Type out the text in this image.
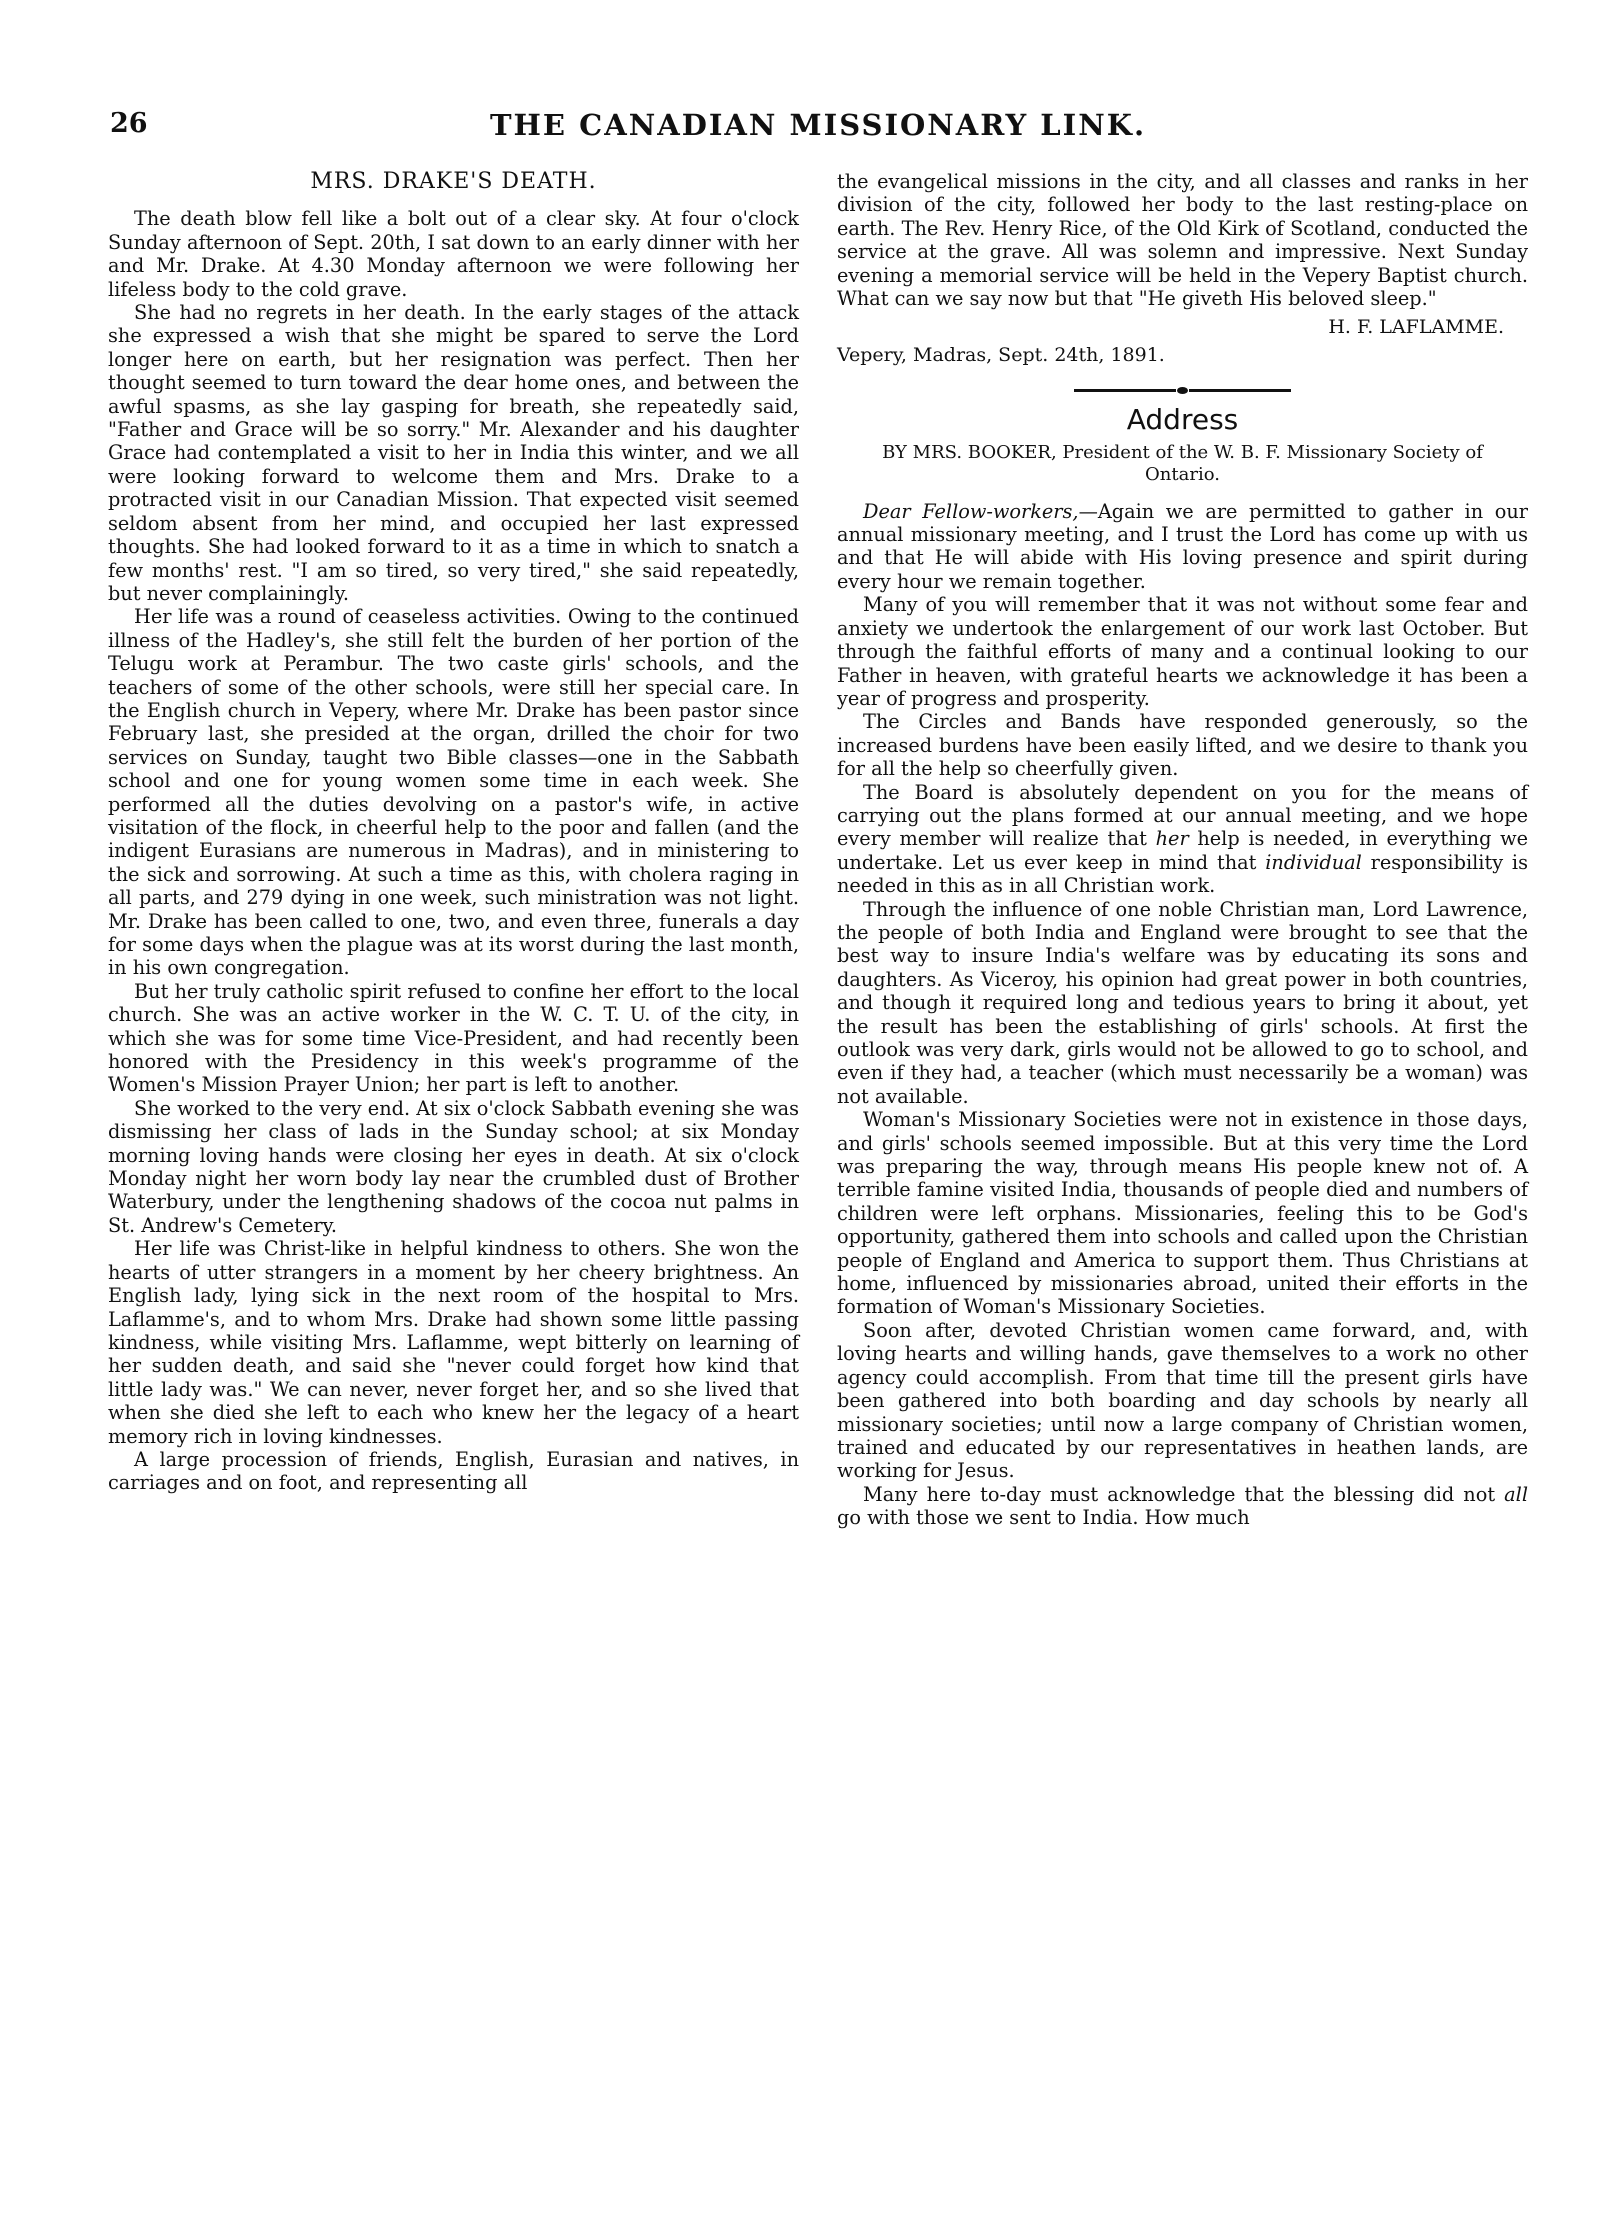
26	THE CANADIAN MISSIONARY LINK.
MRS. DRAKE'S DEATH.

The death blow fell like a bolt out of a clear sky. At four o'clock Sunday afternoon of Sept. 20th, I sat down to an early dinner with her and Mr. Drake. At 4.30 Monday afternoon we were following her lifeless body to the cold grave.

She had no regrets in her death. In the early stages of the attack she expressed a wish that she might be spared to serve the Lord longer here on earth, but her resignation was perfect. Then her thought seemed to turn toward the dear home ones, and between the awful spasms, as she lay gasping for breath, she repeatedly said, "Father and Grace will be so sorry." Mr. Alexander and his daughter Grace had contemplated a visit to her in India this winter, and we all were looking forward to welcome them and Mrs. Drake to a protracted visit in our Canadian Mission. That expected visit seemed seldom absent from her mind, and occupied her last expressed thoughts. She had looked forward to it as a time in which to snatch a few months' rest. "I am so tired, so very tired," she said repeatedly, but never complainingly.

Her life was a round of ceaseless activities. Owing to the continued illness of the Hadley's, she still felt the burden of her portion of the Telugu work at Perambur. The two caste girls' schools, and the teachers of some of the other schools, were still her special care. In the English church in Vepery, where Mr. Drake has been pastor since February last, she presided at the organ, drilled the choir for two services on Sunday, taught two Bible classes—one in the Sabbath school and one for young women some time in each week. She performed all the duties devolving on a pastor's wife, in active visitation of the flock, in cheerful help to the poor and fallen (and the indigent Eurasians are numerous in Madras), and in ministering to the sick and sorrowing. At such a time as this, with cholera raging in all parts, and 279 dying in one week, such ministration was not light. Mr. Drake has been called to one, two, and even three, funerals a day for some days when the plague was at its worst during the last month, in his own congregation.

But her truly catholic spirit refused to confine her effort to the local church. She was an active worker in the W. C. T. U. of the city, in which she was for some time Vice-President, and had recently been honored with the Presidency in this week's programme of the Women's Mission Prayer Union; her part is left to another.

She worked to the very end. At six o'clock Sabbath evening she was dismissing her class of lads in the Sunday school; at six Monday morning loving hands were closing her eyes in death. At six o'clock Monday night her worn body lay near the crumbled dust of Brother Waterbury, under the lengthening shadows of the cocoa nut palms in St. Andrew's Cemetery.

Her life was Christ-like in helpful kindness to others. She won the hearts of utter strangers in a moment by her cheery brightness. An English lady, lying sick in the next room of the hospital to Mrs. Laflamme's, and to whom Mrs. Drake had shown some little passing kindness, while visiting Mrs. Laflamme, wept bitterly on learning of her sudden death, and said she "never could forget how kind that little lady was." We can never, never forget her, and so she lived that when she died she left to each who knew her the legacy of a heart memory rich in loving kindnesses.

A large procession of friends, English, Eurasian and natives, in carriages and on foot, and representing all

the evangelical missions in the city, and all classes and ranks in her division of the city, followed her body to the last resting-place on earth. The Rev. Henry Rice, of the Old Kirk of Scotland, conducted the service at the grave. All was solemn and impressive. Next Sunday evening a memorial service will be held in the Vepery Baptist church. What can we say now but that "He giveth His beloved sleep."

H. F. LAFLAMME.
Vepery, Madras, Sept. 24th, 1891.
Address
BY MRS. BOOKER, President of the W. B. F. Missionary Society of Ontario.

Dear Fellow-workers,—Again we are permitted to gather in our annual missionary meeting, and I trust the Lord has come up with us and that He will abide with His loving presence and spirit during every hour we remain together.

Many of you will remember that it was not without some fear and anxiety we undertook the enlargement of our work last October. But through the faithful efforts of many and a continual looking to our Father in heaven, with grateful hearts we acknowledge it has been a year of progress and prosperity.

The Circles and Bands have responded generously, so the increased burdens have been easily lifted, and we desire to thank you for all the help so cheerfully given.

The Board is absolutely dependent on you for the means of carrying out the plans formed at our annual meeting, and we hope every member will realize that her help is needed, in everything we undertake. Let us ever keep in mind that individual responsibility is needed in this as in all Christian work.

Through the influence of one noble Christian man, Lord Lawrence, the people of both India and England were brought to see that the best way to insure India's welfare was by educating its sons and daughters. As Viceroy, his opinion had great power in both countries, and though it required long and tedious years to bring it about, yet the result has been the establishing of girls' schools. At first the outlook was very dark, girls would not be allowed to go to school, and even if they had, a teacher (which must necessarily be a woman) was not available.

Woman's Missionary Societies were not in existence in those days, and girls' schools seemed impossible. But at this very time the Lord was preparing the way, through means His people knew not of. A terrible famine visited India, thousands of people died and numbers of children were left orphans. Missionaries, feeling this to be God's opportunity, gathered them into schools and called upon the Christian people of England and America to support them. Thus Christians at home, influenced by missionaries abroad, united their efforts in the formation of Woman's Missionary Societies.

Soon after, devoted Christian women came forward, and, with loving hearts and willing hands, gave themselves to a work no other agency could accomplish. From that time till the present girls have been gathered into both boarding and day schools by nearly all missionary societies; until now a large company of Christian women, trained and educated by our representatives in heathen lands, are working for Jesus.

Many here to-day must acknowledge that the blessing did not all go with those we sent to India. How much
